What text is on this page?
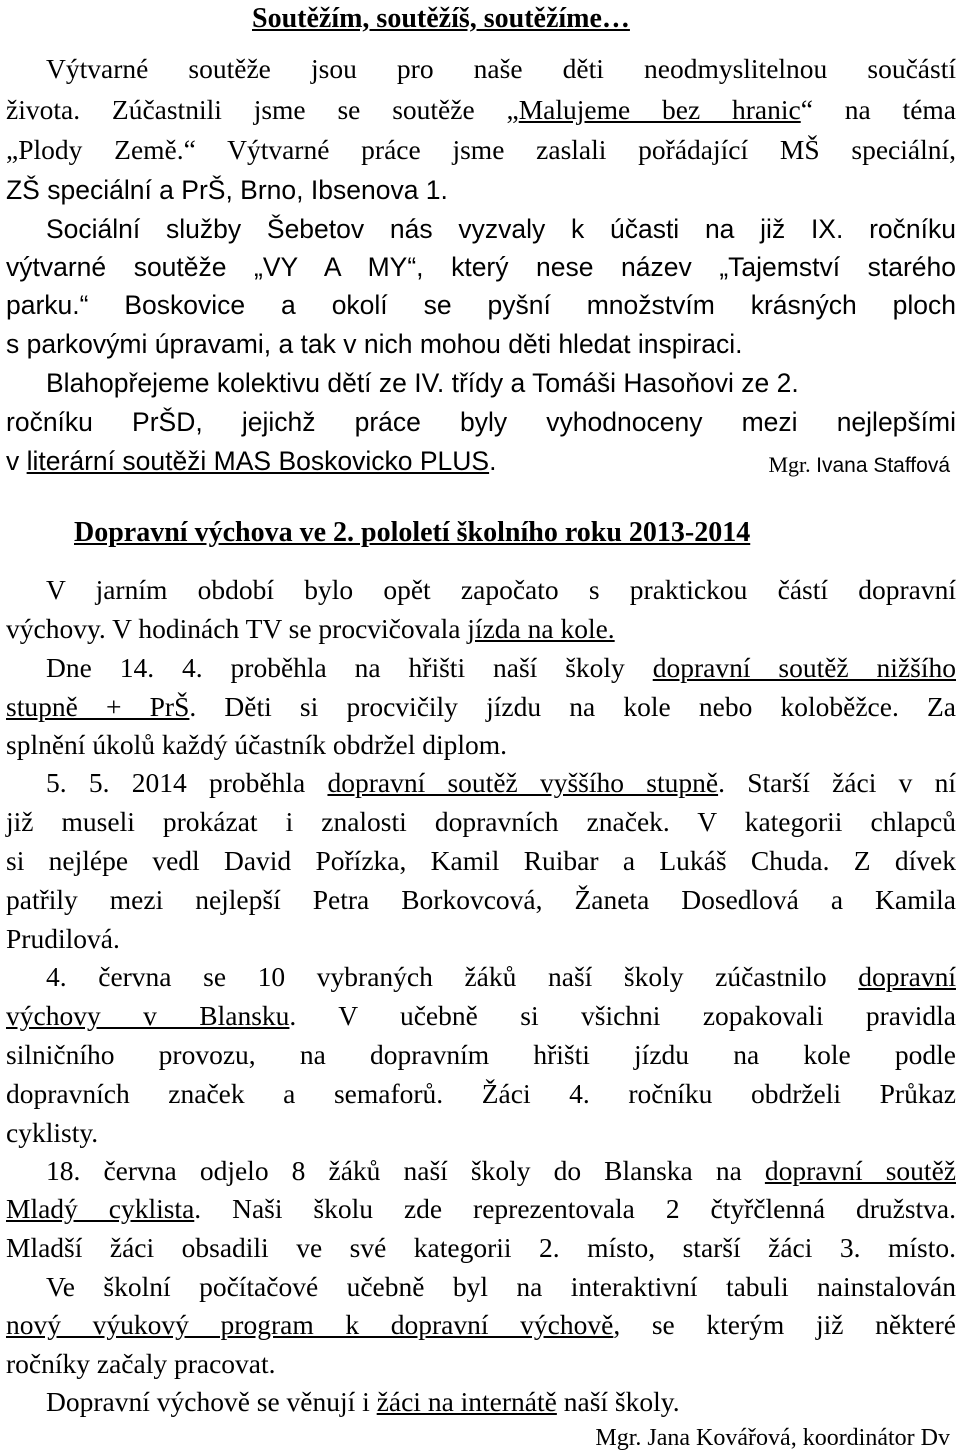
Soutěžím, soutěžíš, soutěžíme…

Výtvarné soutěže jsou pro naše děti neodmyslitelnou součástí

života. Zúčastnili jsme se soutěže „Malujeme bez hranic“ na téma

„Plody Země.“ Výtvarné práce jsme zaslali pořádající MŠ speciální,

ZŠ speciální a PrŠ, Brno, Ibsenova 1.

Sociální služby Šebetov nás vyzvaly k účasti na již IX. ročníku

výtvarné soutěže „VY A MY“, který nese název „Tajemství starého

parku.“ Boskovice a okolí se pyšní množstvím krásných ploch

s parkovými úpravami, a tak v nich mohou děti hledat inspiraci.

Blahopřejeme kolektivu dětí ze IV. třídy a Tomáši Hasoňovi ze 2.

ročníku PrŠD, jejichž práce byly vyhodnoceny mezi nejlepšími

v literární soutěži MAS Boskovicko PLUS.	Mgr. Ivana Staffová
Dopravní výchova ve 2. pololetí školního roku 2013-2014

V jarním období bylo opět započato s praktickou částí dopravní

výchovy. V hodinách TV se procvičovala jízda na kole.

Dne 14. 4. proběhla na hřišti naší školy dopravní soutěž nižšího

stupně + PrŠ. Děti si procvičily jízdu na kole nebo koloběžce. Za

splnění úkolů každý účastník obdržel diplom.

5. 5. 2014 proběhla dopravní soutěž vyššího stupně. Starší žáci v ní

již museli prokázat i znalosti dopravních značek. V kategorii chlapců

si nejlépe vedl David Pořízka, Kamil Ruibar a Lukáš Chuda. Z dívek

patřily mezi nejlepší Petra Borkovcová, Žaneta Dosedlová a Kamila

Prudilová.

4. června se 10 vybraných žáků naší školy zúčastnilo dopravní

výchovy v Blansku. V učebně si všichni zopakovali pravidla

silničního provozu, na dopravním hřišti jízdu na kole podle

dopravních značek a semaforů. Žáci 4. ročníku obdrželi Průkaz

cyklisty.

18. června odjelo 8 žáků naší školy do Blanska na dopravní soutěž

Mladý cyklista. Naši školu zde reprezentovala 2 čtyřčlenná družstva.

Mladší žáci obsadili ve své kategorii 2. místo, starší žáci 3. místo.

Ve školní počítačové učebně byl na interaktivní tabuli nainstalován

nový výukový program k dopravní výchově, se kterým již některé

ročníky začaly pracovat.

Dopravní výchově se věnují i žáci na internátě naší školy.

Mgr. Jana Kovářová, koordinátor Dv
